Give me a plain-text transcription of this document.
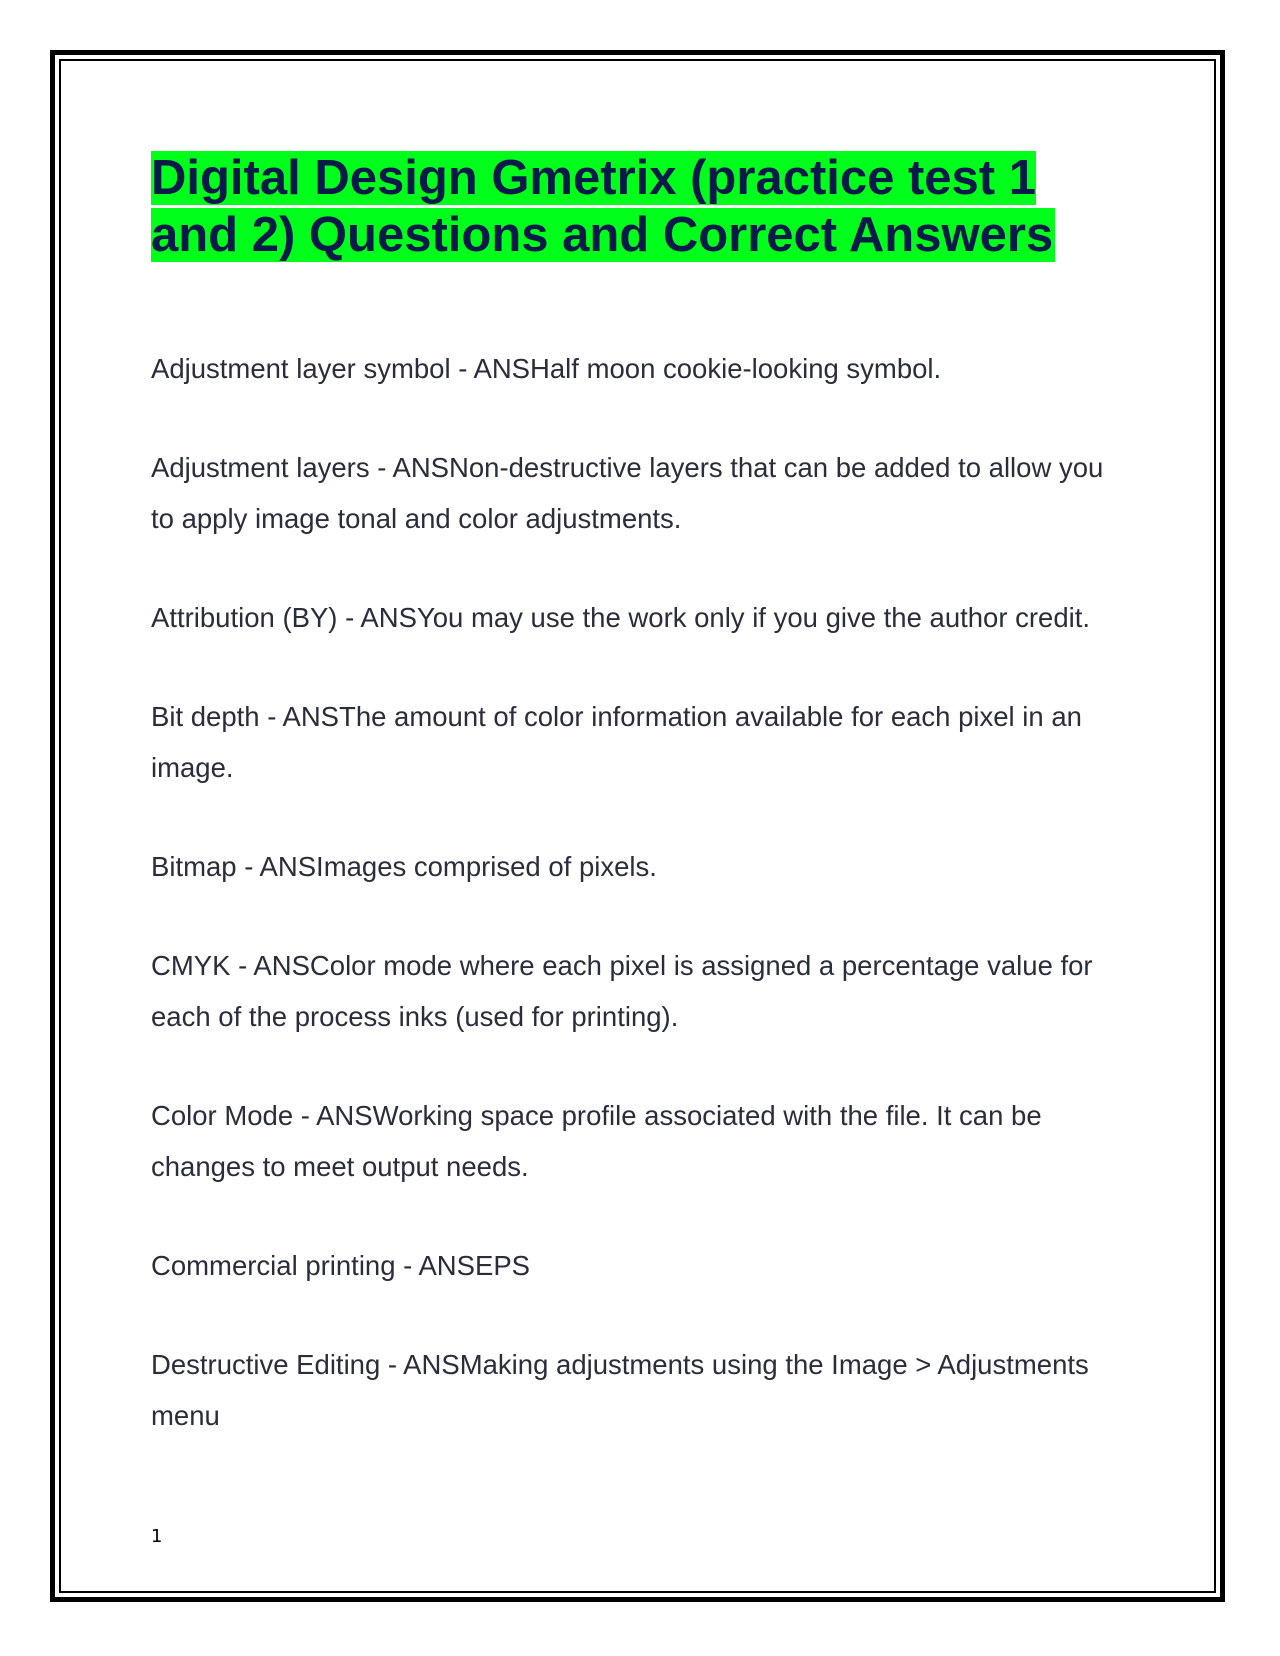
Digital Design Gmetrix (practice test 1 and 2) Questions and Correct Answers

Adjustment layer symbol - ANSHalf moon cookie-looking symbol.

Adjustment layers - ANSNon-destructive layers that can be added to allow you to apply image tonal and color adjustments.

Attribution (BY) - ANSYou may use the work only if you give the author credit.

Bit depth - ANSThe amount of color information available for each pixel in an image.

Bitmap - ANSImages comprised of pixels.

CMYK - ANSColor mode where each pixel is assigned a percentage value for each of the process inks (used for printing).

Color Mode - ANSWorking space profile associated with the file. It can be changes to meet output needs.

Commercial printing - ANSEPS

Destructive Editing - ANSMaking adjustments using the Image > Adjustments menu

1
